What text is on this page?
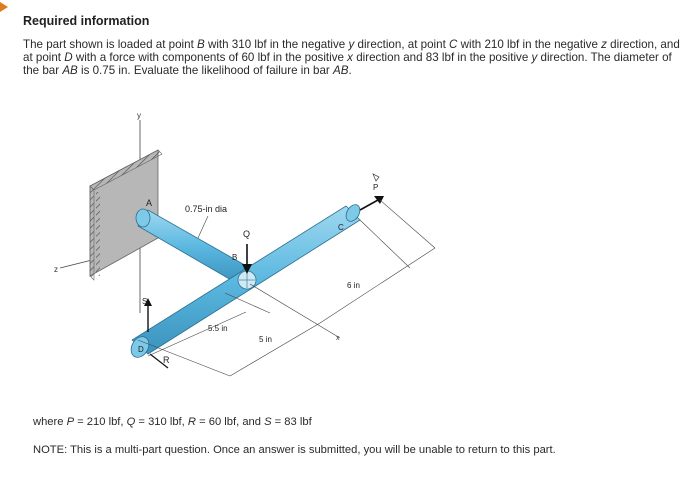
Required information
The part shown is loaded at point B with 310 lbf in the negative y direction, at point C with 210 lbf in the negative z direction, and at point D with a force with components of 60 lbf in the positive x direction and 83 lbf in the positive y direction. The diameter of the bar AB is 0.75 in. Evaluate the likelihood of failure in bar AB.
y
z
A
0.75-in dia
C
D
B
Q
P
S
R
x
5.5 in
5 in
6 in
where P = 210 lbf, Q = 310 lbf, R = 60 lbf, and S = 83 lbf
NOTE: This is a multi-part question. Once an answer is submitted, you will be unable to return to this part.
